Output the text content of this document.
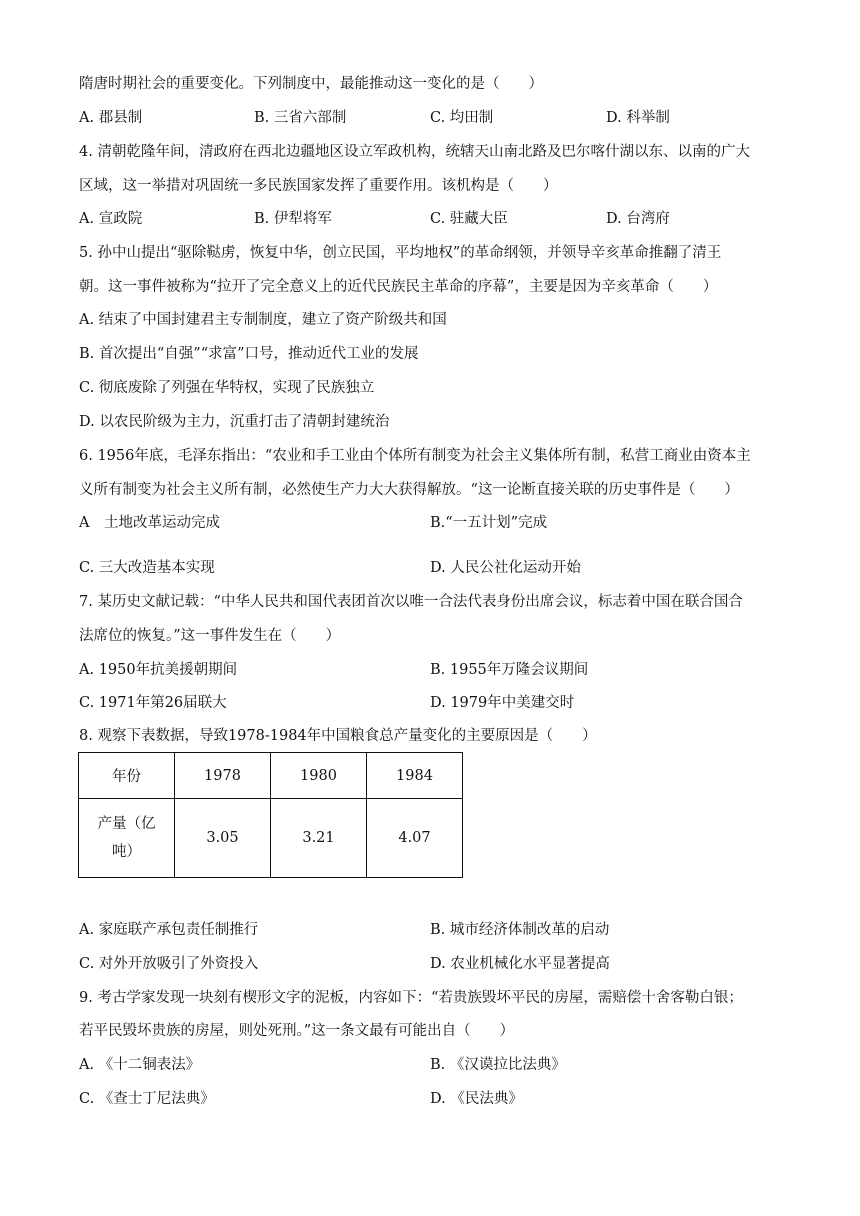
隋唐时期社会的重要变化。下列制度中，最能推动这一变化的是（　　）
A. 郡县制	B. 三省六部制	C. 均田制	D. 科举制
4. 清朝乾隆年间，清政府在西北边疆地区设立军政机构，统辖天山南北路及巴尔喀什湖以东、以南的广大
区域，这一举措对巩固统一多民族国家发挥了重要作用。该机构是（　　）
A. 宣政院	B. 伊犁将军	C. 驻藏大臣	D. 台湾府
5. 孙中山提出“驱除鞑虏，恢复中华，创立民国，平均地权”的革命纲领，并领导辛亥革命推翻了清王
朝。这一事件被称为“拉开了完全意义上的近代民族民主革命的序幕”，主要是因为辛亥革命（　　）
A. 结束了中国封建君主专制制度，建立了资产阶级共和国
B. 首次提出“自强”“求富”口号，推动近代工业的发展
C. 彻底废除了列强在华特权，实现了民族独立
D. 以农民阶级为主力，沉重打击了清朝封建统治
6. 1956年底，毛泽东指出：“农业和手工业由个体所有制变为社会主义集体所有制，私营工商业由资本主
义所有制变为社会主义所有制，必然使生产力大大获得解放。“这一论断直接关联的历史事件是（　　）
A　土地改革运动完成	B.“一五计划”完成
C. 三大改造基本实现	D. 人民公社化运动开始
7. 某历史文献记载：“中华人民共和国代表团首次以唯一合法代表身份出席会议，标志着中国在联合国合
法席位的恢复。”这一事件发生在（　　）
A. 1950年抗美援朝期间	B. 1955年万隆会议期间
C. 1971年第26届联大	D. 1979年中美建交时
8. 观察下表数据，导致1978-1984年中国粮食总产量变化的主要原因是（　　）
年份	1978	1980	1984
产量（亿
吨）	3.05	3.21	4.07
A. 家庭联产承包责任制推行	B. 城市经济体制改革的启动
C. 对外开放吸引了外资投入	D. 农业机械化水平显著提高
9. 考古学家发现一块刻有楔形文字的泥板，内容如下：“若贵族毁坏平民的房屋，需赔偿十舍客勒白银；
若平民毁坏贵族的房屋，则处死刑。”这一条文最有可能出自（　　）
A. 《十二铜表法》	B. 《汉谟拉比法典》
C. 《查士丁尼法典》	D. 《民法典》
